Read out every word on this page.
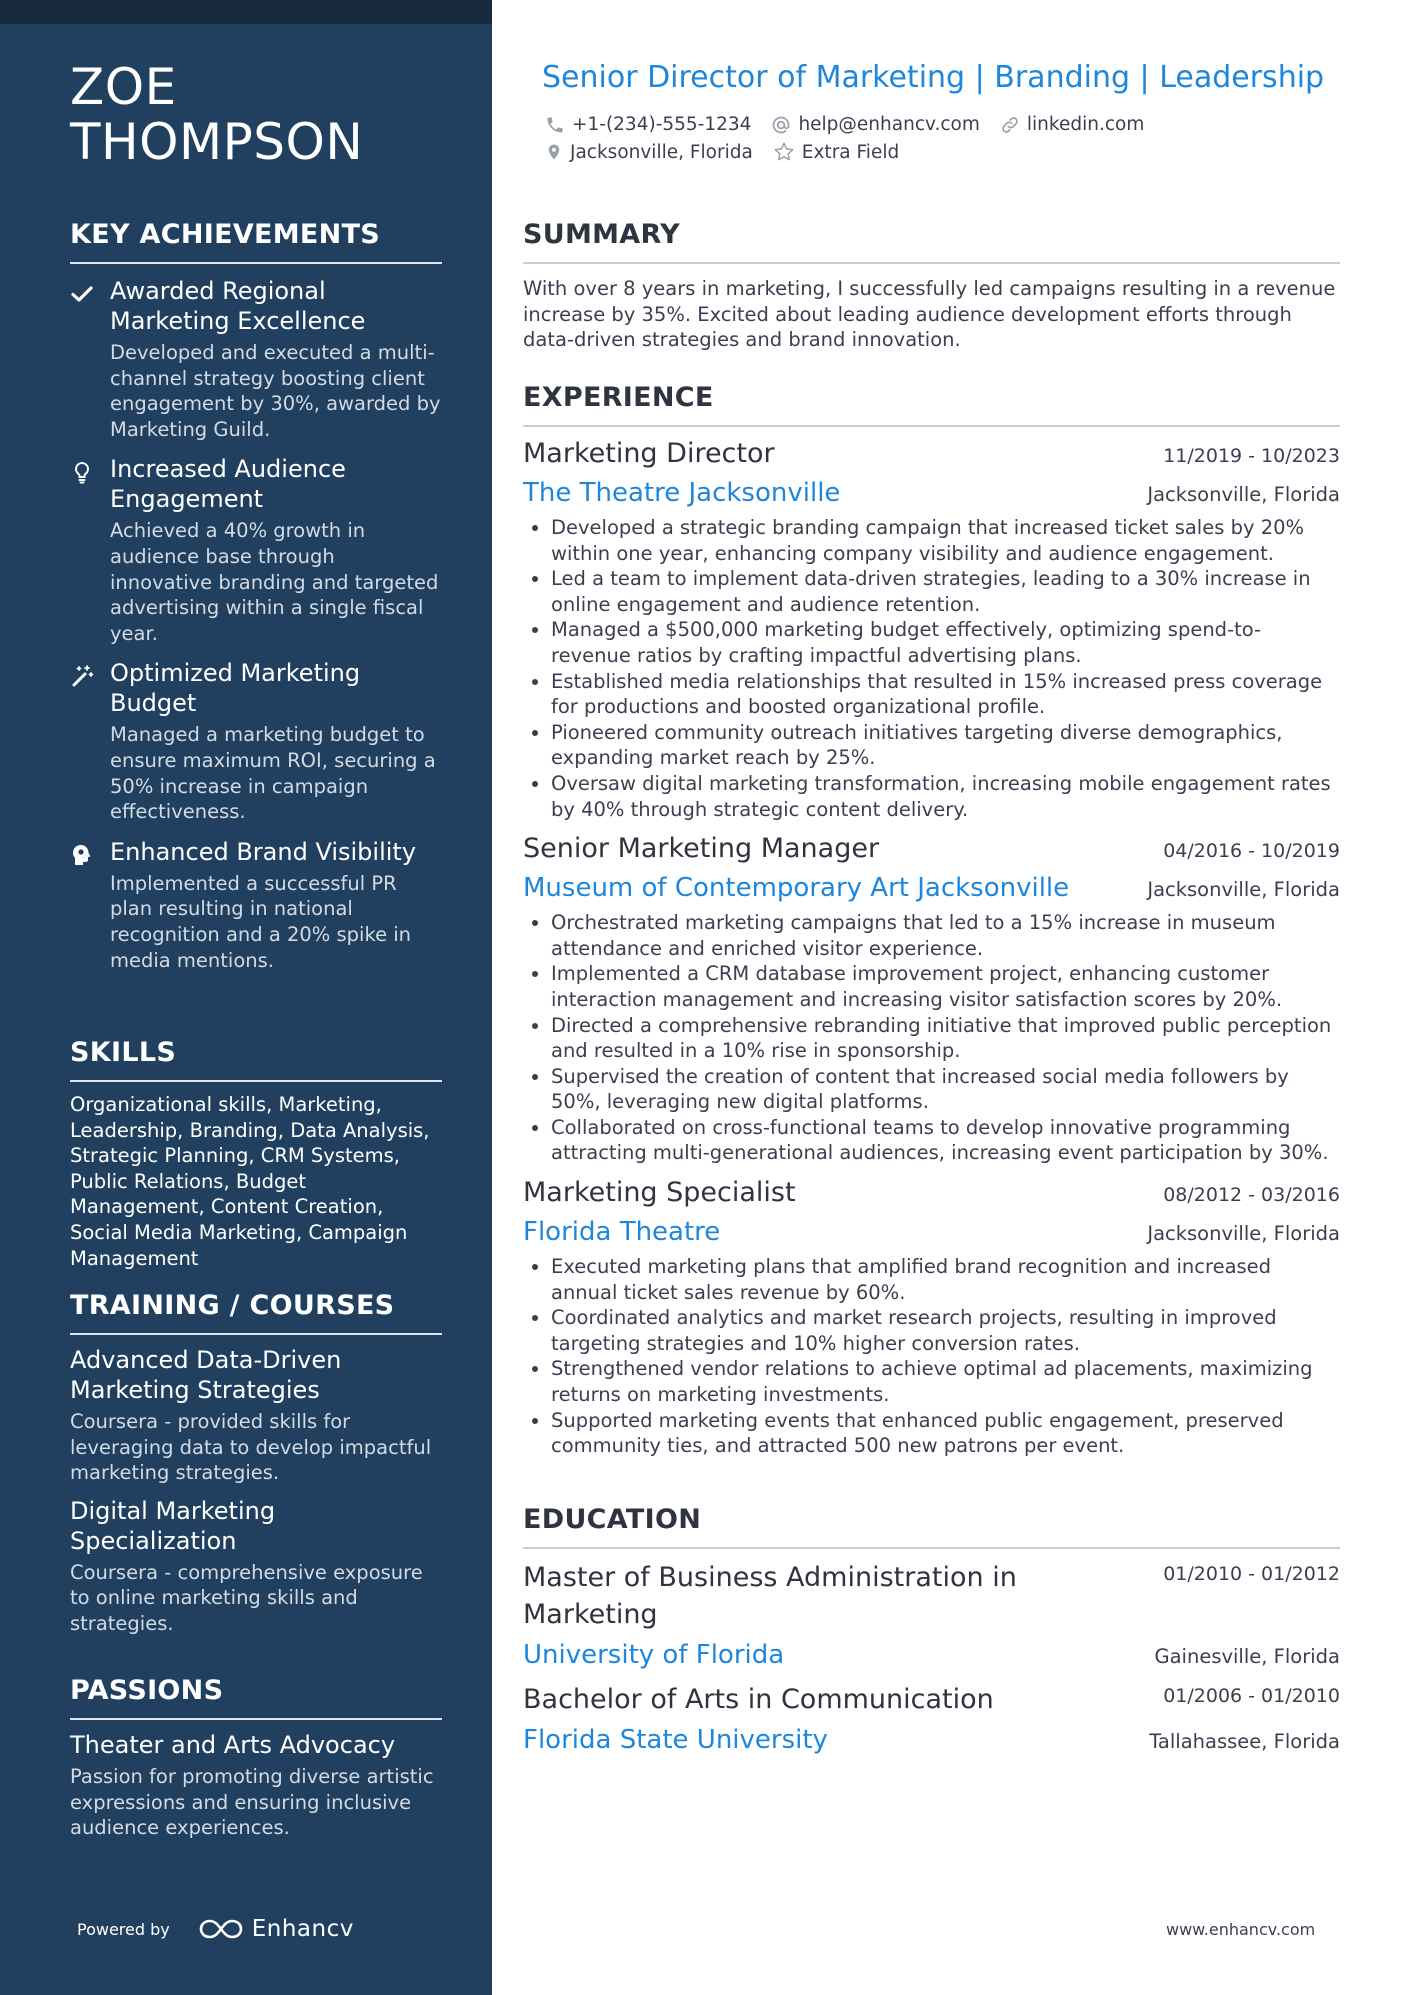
ZOE
THOMPSON
KEY ACHIEVEMENTS
Awarded Regional Marketing Excellence
Developed and executed a multi-channel strategy boosting client engagement by 30%, awarded by Marketing Guild.
Increased Audience Engagement
Achieved a 40% growth in audience base through innovative branding and targeted advertising within a single fiscal year.
Optimized Marketing Budget
Managed a marketing budget to ensure maximum ROI, securing a 50% increase in campaign effectiveness.
Enhanced Brand Visibility
Implemented a successful PR plan resulting in national recognition and a 20% spike in media mentions.
SKILLS

Organizational skills, Marketing, Leadership, Branding, Data Analysis, Strategic Planning, CRM Systems, Public Relations, Budget Management, Content Creation, Social Media Marketing, Campaign Management

TRAINING / COURSES
Advanced Data-Driven Marketing Strategies
Coursera - provided skills for leveraging data to develop impactful marketing strategies.
Digital Marketing Specialization
Coursera - comprehensive exposure to online marketing skills and strategies.
PASSIONS
Theater and Arts Advocacy
Passion for promoting diverse artistic expressions and ensuring inclusive audience experiences.
Powered by	Enhancv
Senior Director of Marketing | Branding | Leadership
+1-(234)-555-1234	help@enhancv.com	linkedin.com
Jacksonville, Florida	Extra Field
SUMMARY

With over 8 years in marketing, I successfully led campaigns resulting in a revenue increase by 35%. Excited about leading audience development efforts through data-driven strategies and brand innovation.

EXPERIENCE
Marketing Director	11/2019 - 10/2023
The Theatre Jacksonville	Jacksonville, Florida
Developed a strategic branding campaign that increased ticket sales by 20% within one year, enhancing company visibility and audience engagement.
Led a team to implement data-driven strategies, leading to a 30% increase in online engagement and audience retention.
Managed a $500,000 marketing budget effectively, optimizing spend-to-revenue ratios by crafting impactful advertising plans.
Established media relationships that resulted in 15% increased press coverage for productions and boosted organizational profile.
Pioneered community outreach initiatives targeting diverse demographics, expanding market reach by 25%.
Oversaw digital marketing transformation, increasing mobile engagement rates by 40% through strategic content delivery.
Senior Marketing Manager	04/2016 - 10/2019
Museum of Contemporary Art Jacksonville	Jacksonville, Florida
Orchestrated marketing campaigns that led to a 15% increase in museum attendance and enriched visitor experience.
Implemented a CRM database improvement project, enhancing customer interaction management and increasing visitor satisfaction scores by 20%.
Directed a comprehensive rebranding initiative that improved public perception and resulted in a 10% rise in sponsorship.
Supervised the creation of content that increased social media followers by 50%, leveraging new digital platforms.
Collaborated on cross-functional teams to develop innovative programming attracting multi-generational audiences, increasing event participation by 30%.
Marketing Specialist	08/2012 - 03/2016
Florida Theatre	Jacksonville, Florida
Executed marketing plans that amplified brand recognition and increased annual ticket sales revenue by 60%.
Coordinated analytics and market research projects, resulting in improved targeting strategies and 10% higher conversion rates.
Strengthened vendor relations to achieve optimal ad placements, maximizing returns on marketing investments.
Supported marketing events that enhanced public engagement, preserved community ties, and attracted 500 new patrons per event.
EDUCATION
Master of Business Administration in Marketing
01/2010 - 01/2012
University of Florida	Gainesville, Florida
Bachelor of Arts in Communication	01/2006 - 01/2010
Florida State University	Tallahassee, Florida
www.enhancv.com
